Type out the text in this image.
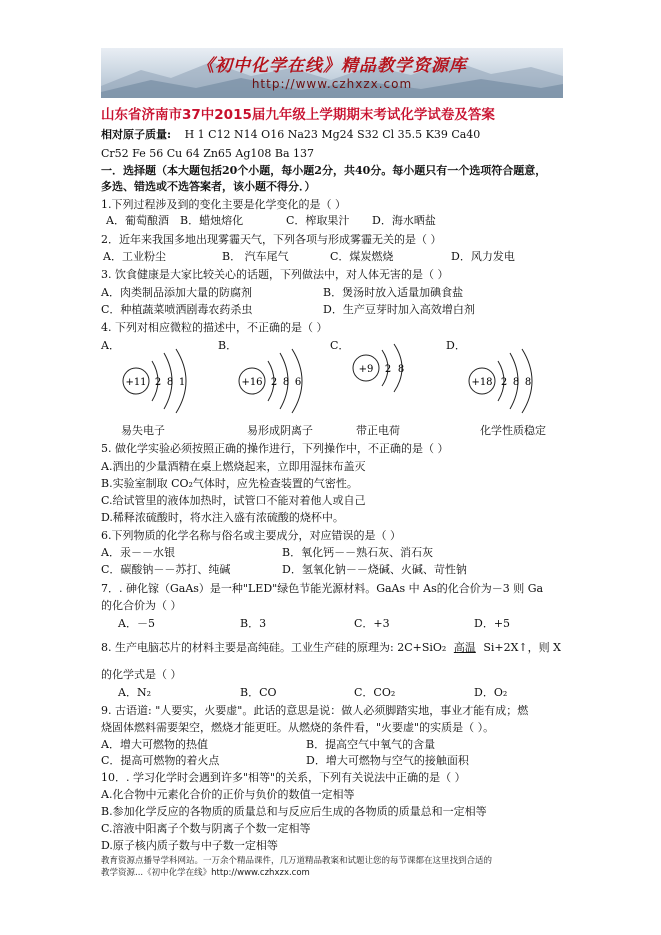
《初中化学在线》精品教学资源库
http://www.czhxzx.com
山东省济南市37中2015届九年级上学期期末考试化学试卷及答案
相对原子质量: H 1 C12 N14 O16 Na23 Mg24 S32 Cl 35.5 K39 Ca40
Cr52 Fe 56 Cu 64 Zn65 Ag108 Ba 137
一．选择题（本大题包括20个小题，每小题2分，共40分。每小题只有一个选项符合题意，
多选、错选或不选答案者，该小题不得分．）
1.下列过程涉及到的变化主要是化学变化的是（ ）
A．葡萄酿酒 B．蜡烛熔化	C．榨取果汁 D．海水晒盐
2．近年来我国多地出现雾霾天气，下列各项与形成雾霾无关的是（ ）
A．工业粉尘	B． 汽车尾气	C．煤炭燃烧	D．风力发电
3. 饮食健康是大家比较关心的话题，下列做法中，对人体无害的是（ ）
A．肉类制品添加大量的防腐剂	B．煲汤时放入适量加碘食盐
C．种植蔬菜喷洒剧毒农药杀虫	D．生产豆芽时加入高效增白剂
4. 下列对相应微粒的描述中，不正确的是（ ）
A．	B．	C．	D．
+11 2 8 1	+16 2 8 6
+9 2 8
+18 2 8 8
易失电子	易形成阴离子	带正电荷	化学性质稳定
5. 做化学实验必须按照正确的操作进行，下列操作中，不正确的是（ ）
A.洒出的少量酒精在桌上燃烧起来，立即用湿抹布盖灭
B.实验室制取 CO₂气体时，应先检查装置的气密性。
C.给试管里的液体加热时，试管口不能对着他人或自己
D.稀释浓硫酸时，将水注入盛有浓硫酸的烧杯中。
6.下列物质的化学名称与俗名或主要成分，对应错误的是（ ）
A．汞－－水银	B．氧化钙－－熟石灰、消石灰
C．碳酸钠－－苏打、纯碱	D．氢氧化钠－－烧碱、火碱、苛性钠
7．. 砷化镓（GaAs）是一种"LED"绿色节能光源材料。GaAs 中 As的化合价为－3 则 Ga
的化合价为（ ）
A．－5	B．3	C．+3	D．+5
8. 生产电脑芯片的材料主要是高纯硅。工业生产硅的原理为: 2C+SiO₂ 高温 Si+2X↑，则 X
的化学式是（ ）
A．N₂	B．CO	C．CO₂	D．O₂
9. 古语道: "人要实，火要虚"。此话的意思是说：做人必须脚踏实地，事业才能有成；燃
烧固体燃料需要架空，燃烧才能更旺。从燃烧的条件看，"火要虚"的实质是（ ）。
A．增大可燃物的热值	B．提高空气中氧气的含量
C．提高可燃物的着火点	D．增大可燃物与空气的接触面积
10．. 学习化学时会遇到许多"相等"的关系，下列有关说法中正确的是（ ）
A.化合物中元素化合价的正价与负价的数值一定相等
B.参加化学反应的各物质的质量总和与反应后生成的各物质的质量总和一定相等
C.溶液中阳离子个数与阴离子个数一定相等
D.原子核内质子数与中子数一定相等
教育资源点播导学科网站。一万余个精品课件，几万道精品教案和试题让您的每节课都在这里找到合适的
教学资源...《初中化学在线》http://www.czhxzx.com
